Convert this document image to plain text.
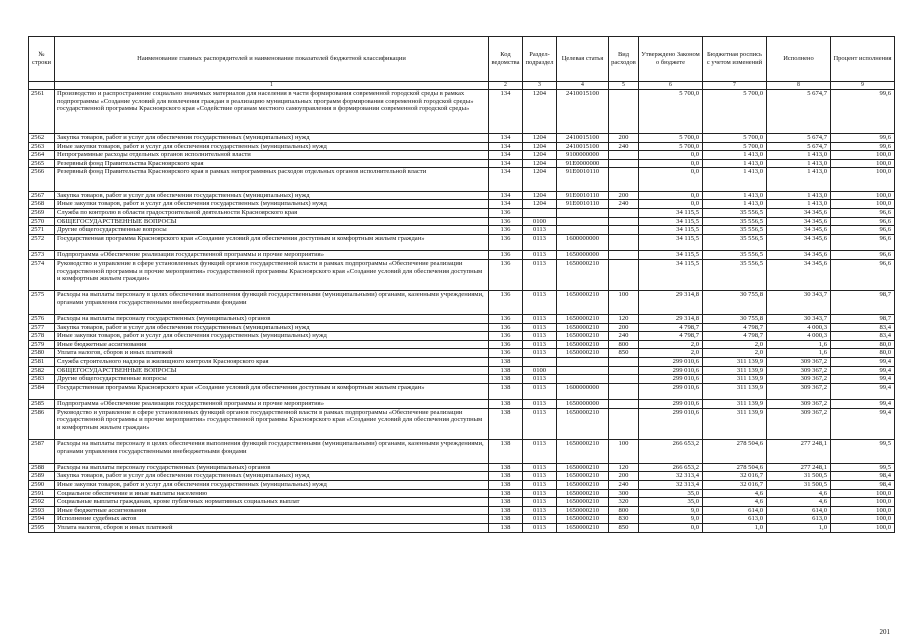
№ строки	Наименование главных распорядителей и наименование показателей бюджетной классификации	Код ведомства	Раздел-подраздел	Целевая статья	Вид расходов	Утверждено Законом о бюджете	Бюджетная роспись с учетом изменений	Исполнено	Процент исполнения
	1	2	3	4	5	6	7	8	9
2561	Производство и распространение социально значимых материалов для населения в части формирования современной городской среды в рамках подпрограммы «Создание условий для вовлечения граждан в реализацию муниципальных программ формирования современной городской среды» государственной программы Красноярского края «Содействие органам местного самоуправления в формировании современной городской среды»	134	1204	2410015100		5 700,0	5 700,0	5 674,7	99,6
2562	Закупка товаров, работ и услуг для обеспечения государственных (муниципальных) нужд	134	1204	2410015100	200	5 700,0	5 700,0	5 674,7	99,6
2563	Иные закупки товаров, работ и услуг для обеспечения государственных (муниципальных) нужд	134	1204	2410015100	240	5 700,0	5 700,0	5 674,7	99,6
2564	Непрограммные расходы отдельных органов исполнительной власти	134	1204	9100000000		0,0	1 413,0	1 413,0	100,0
2565	Резервный фонд Правительства Красноярского края	134	1204	91E0000000		0,0	1 413,0	1 413,0	100,0
2566	Резервный фонд Правительства Красноярского края в рамках непрограммных расходов отдельных органов исполнительной власти	134	1204	91E0010110		0,0	1 413,0	1 413,0	100,0
2567	Закупка товаров, работ и услуг для обеспечения государственных (муниципальных) нужд	134	1204	91E0010110	200	0,0	1 413,0	1 413,0	100,0
2568	Иные закупки товаров, работ и услуг для обеспечения государственных (муниципальных) нужд	134	1204	91E0010110	240	0,0	1 413,0	1 413,0	100,0
2569	Служба по контролю в области градостроительной деятельности Красноярского края	136				34 115,5	35 556,5	34 345,6	96,6
2570	ОБЩЕГОСУДАРСТВЕННЫЕ ВОПРОСЫ	136	0100			34 115,5	35 556,5	34 345,6	96,6
2571	Другие общегосударственные вопросы	136	0113			34 115,5	35 556,5	34 345,6	96,6
2572	Государственная программа Красноярского края «Создание условий для обеспечения доступным и комфортным жильем граждан»	136	0113	1600000000		34 115,5	35 556,5	34 345,6	96,6
2573	Подпрограмма «Обеспечение реализации государственной программы и прочие мероприятия»	136	0113	1650000000		34 115,5	35 556,5	34 345,6	96,6
2574	Руководство и управление в сфере установленных функций органов государственной власти в рамках подпрограммы «Обеспечение реализации государственной программы и прочие мероприятия» государственной программы Красноярского края «Создание условий для обеспечения доступным и комфортным жильем граждан»	136	0113	1650000210		34 115,5	35 556,5	34 345,6	96,6
2575	Расходы на выплаты персоналу в целях обеспечения выполнения функций государственными (муниципальными) органами, казенными учреждениями, органами управления государственными внебюджетными фондами	136	0113	1650000210	100	29 314,8	30 755,8	30 343,7	98,7
2576	Расходы на выплаты персоналу государственных (муниципальных) органов	136	0113	1650000210	120	29 314,8	30 755,8	30 343,7	98,7
2577	Закупка товаров, работ и услуг для обеспечения государственных (муниципальных) нужд	136	0113	1650000210	200	4 798,7	4 798,7	4 000,3	83,4
2578	Иные закупки товаров, работ и услуг для обеспечения государственных (муниципальных) нужд	136	0113	1650000210	240	4 798,7	4 798,7	4 000,3	83,4
2579	Иные бюджетные ассигнования	136	0113	1650000210	800	2,0	2,0	1,6	80,0
2580	Уплата налогов, сборов и иных платежей	136	0113	1650000210	850	2,0	2,0	1,6	80,0
2581	Служба строительного надзора и жилищного контроля Красноярского края	138				299 010,6	311 139,9	309 367,2	99,4
2582	ОБЩЕГОСУДАРСТВЕННЫЕ ВОПРОСЫ	138	0100			299 010,6	311 139,9	309 367,2	99,4
2583	Другие общегосударственные вопросы	138	0113			299 010,6	311 139,9	309 367,2	99,4
2584	Государственная программа Красноярского края «Создание условий для обеспечения доступным и комфортным жильем граждан»	138	0113	1600000000		299 010,6	311 139,9	309 367,2	99,4
2585	Подпрограмма «Обеспечение реализации государственной программы и прочие мероприятия»	138	0113	1650000000		299 010,6	311 139,9	309 367,2	99,4
2586	Руководство и управление в сфере установленных функций органов государственной власти в рамках подпрограммы «Обеспечение реализации государственной программы и прочие мероприятия» государственной программы Красноярского края «Создание условий для обеспечения доступным и комфортным жильем граждан»	138	0113	1650000210		299 010,6	311 139,9	309 367,2	99,4
2587	Расходы на выплаты персоналу в целях обеспечения выполнения функций государственными (муниципальными) органами, казенными учреждениями, органами управления государственными внебюджетными фондами	138	0113	1650000210	100	266 653,2	278 504,6	277 248,1	99,5
2588	Расходы на выплаты персоналу государственных (муниципальных) органов	138	0113	1650000210	120	266 653,2	278 504,6	277 248,1	99,5
2589	Закупка товаров, работ и услуг для обеспечения государственных (муниципальных) нужд	138	0113	1650000210	200	32 313,4	32 016,7	31 500,5	98,4
2590	Иные закупки товаров, работ и услуг для обеспечения государственных (муниципальных) нужд	138	0113	1650000210	240	32 313,4	32 016,7	31 500,5	98,4
2591	Социальное обеспечение и иные выплаты населению	138	0113	1650000210	300	35,0	4,6	4,6	100,0
2592	Социальные выплаты гражданам, кроме публичных нормативных социальных выплат	138	0113	1650000210	320	35,0	4,6	4,6	100,0
2593	Иные бюджетные ассигнования	138	0113	1650000210	800	9,0	614,0	614,0	100,0
2594	Исполнение судебных актов	138	0113	1650000210	830	9,0	613,0	613,0	100,0
2595	Уплата налогов, сборов и иных платежей	138	0113	1650000210	850	0,0	1,0	1,0	100,0
201
